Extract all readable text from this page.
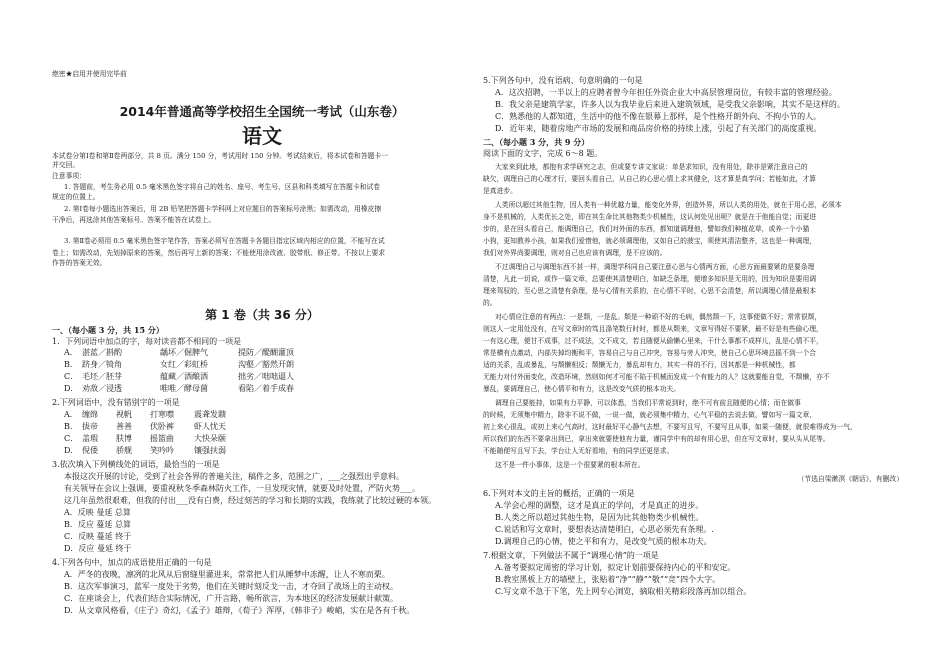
绝密★启用并使用完毕前
2014年普通高等学校招生全国统一考试（山东卷）
语文
本试卷分第Ⅰ卷和第Ⅱ卷两部分，共 8 页。满分 150 分，考试用时 150 分钟。考试结束后，将本试卷和答题卡一
并交回。
注意事项：
1. 答题前，考生务必用 0.5 毫米黑色签字将自己的姓名、座号、考生号、区县和科类填写在答题卡和试卷
规定的位置上。
2. 第Ⅰ卷每小题选出答案后，用 2B 铅笔把答题卡学科网上对应题目的答案标号涂黑；如需改动，用橡皮擦
干净后，再选涂其他答案标号。答案不能答在试卷上。
3. 第Ⅱ卷必须用 0.5 毫米黑色签字笔作答，答案必须写在答题卡各题目指定区域内相应的位置，不能写在试
卷上；如需改动，先划掉原来的答案，然后再写上新的答案；不能使用涂改液、胶带纸、修正带。不按以上要求
作答的答案无效。
第 1 卷（共 36 分）
一、（每小题 3 分，共 15 分）
1．下列词语中加点的字，每对读音都不相同的一项是
A． 湛蓝／斟酌	龋坏／倔脾气	提防／醍醐灌顶
B． 跻身／犄角	女红／彩虹桥	沟壑／豁然开朗
C． 毛坯／胚芽	蕴藏／酒酿酒	拙劣／咄咄逼人
D． 劝敌／浸透	唯唯／酵母菌	看陷／着手成春
2.下列词语中，没有错别字的一项是
A． 缠绵 视帆 打寒噤	震聋发聩
B． 拔帝 善善 伏卧裤	虾人忧天
C． 盖瑕 肤博 摇篮曲	大快朵颐
D． 倪倭 骄舰 笑吟吟	镶强扶弱
3.依次填入下列横线处的词语，最恰当的一项是
本报这次开展的讨论，受到了社会各界的普遍关注，稿件之多，范围之广，___之强烈出乎意料。
有关领导在会议上强调，要重视秋冬季森林防火工作，一旦发现灾情，就要及时处置，严防火势___。
这几年虽然很艰难，但我的付出___没有白费，经过刻苦的学习和长期的实践，我练就了比较过硬的本领。
A．反映 曼延 总算
B．反应 蔓延 总算
C．反映 蔓延 终于
D．反应 曼延 终于
4.下列各句中，加点的成语使用正确的一句是
A．严冬的夜晚，凛冽的北风从后窗缝里灌进来，常常把人们从睡梦中冻醒，让人不寒而栗。
B．这次军事演习，蓝军一度处于劣势，他们在关键时刻反戈一击，才夺回了战场上的主动权。
C．在座谈会上，代表们结合实际情况，广开言路，畅所欲言，为本地区的经济发展献计献策。
D．从文章风格看，《庄子》奇幻，《孟子》雄辩，《荀子》浑厚，《韩非子》峻峭，实在是各有千秋。
5.下列各句中，没有语病、句意明确的一句是
A．这次招聘，一半以上的应聘者曾今年担任外资企业大中高层管理岗位，有较丰富的管理经验。
B．我父亲是建筑学家，许多人以为我毕业后来进入建筑领域，是受我父亲影响，其实不是这样的。
C．熟悉他的人都知道，生活中的他不像在银幕上那样，是个性格开朗外向、不拘小节的人。
D．近年来，随着房地产市场的发展和商品房价格的持续上涨，引起了有关部门的高度重视。
二、（每小题 3 分，共 9 分）
阅读下面的文字，完成 6～8 题。
大家来到此地，都抱有求学研究之志，但或要专讲文家说：单是求知识，没有用处，除非是紧注意自己的
缺欠，调理自己的心理才行，要回头看自己，从自己的心思心情上求其健全，这才算是真学问；若能如此，才算
是真进步。
人类所以超过其他生物，因人类有一种优越力量，能变化外界，创造外界，所以人类的用处，就在于用心思，必须本
身不是机械的，人类优长之处，即在其生命比其他物类少机械性，这认何处见出呢？就是在于他能自觉；而更进
步的，是在回头看自己，能调理自己，我们对外面的东西，都知道调理他，譬如我们种植花草，或养一个小猫
小狗，更知教养小孩，如果我们爱惜他，就必须调理他，又如自己的菠宝，须使其清洁整齐，这也是一种调理，
我们对外界尚要调理，则对自己也应该有调理，是不应该的。
不过调理自己与调理东西不甚一样，调理学科同自己要注意心思与心情两方面，心思方面最要紧的是要条理
清楚，凡此一切说，或作一篇文章，总要使其清楚明白，如缺乏条理，便增多知识是无用的，因为知识是要用调
理来驾驭的，至心思之清楚有条理，是与心情有关系的，在心情不平时，心思不会清楚，所以调理心情是最根本
的。
对心情应注意的有两点：一是颓，一是乱。颓是一种顽不好的毛病，偶然颓一下，这事便做不好；常常很颓，
则这人一定用处没有，在写文章时的笃且涤笔数行时时，都是从颓来，文章写得好不要紧，最不好是有些偷心理，
一有这心理，便甘不成事，过不成法，文不成文，若且随便从偷懒心里来，干什么事都不成样儿，乱是心情不平，
常是横有点激动，内部失掉均衡和平，容易自己与自己冲突，容易与旁人冲突，使自己心思环境总摇不到一个合
适的关系，乱或暴乱，与颓懒相反；颓懒无力，暴乱却有力，其实一样的不行，因其都是一种机械性，都
无能力对付外面变化，改造环境，然则如何才可能不陷于机械而发成一个有能力的人？这就要能自觉，不颓懒，亦不
暴乱，要调理自己，使心情平和有力，这是改变气质的根本功夫。
调理自己要能持，如果有力平静，可以体悉，当我们平常说到时，绝不可有前且随便的心情；而在做事
的时候，无须集中精力，除非不说不做，一说一做，就必须集中精力，心气平稳的去说去做，譬如写一篇文章，
初上来心很乱，或初上来心气高时，这时最好平心静气去想，不要写且写，不要写且从事，如果一随便，就很难得成为一气，
所以我们的东西不要拿出到已，拿出来就要使他有力量，谨同学中有的却有用心思，但在写文章时，要从头从尾等。
不能随便写且写下去，学台让人无好看地，有的同学还更是求。
这不是一件小事体，这是一个很要紧的根本所在。
（节选自梁漱溟《朝话》，有删改）
6.下列对本文的主旨的概括，正确的一项是
A.学会心理的调整，这才是真正的学问，才是真正的进步。
B.人类之所以超过其他生物，是因为比其他物类少机械性。
C.说话和写文章时，要想表达清楚明白，心思必须先有条理。.
D.调理自己的心情，使之平和有力，是改变气质的根本功夫。
7.根据文章，下列做法不属于“调理心情”的一项是
A.备考要拟定周密的学习计划，拟定计划前要保持内心的平和安定。
B.教室黑板上方的墙壁上，张贴着“净”“静”“敬”“竞”四个大字。
C.写文章不急于下笔，先上网专心浏览，摘取相关精彩段落再加以组合。
